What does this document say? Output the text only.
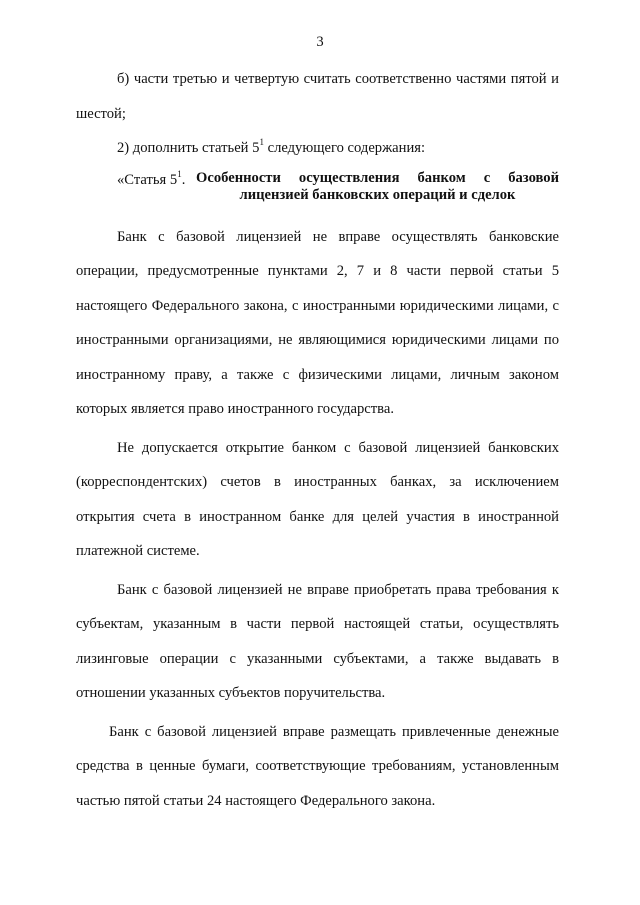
3

б) части третью и четвертую считать соответственно частями пятой и

шестой;

2) дополнить статьей $5^1$ следующего содержания:

«Статья $5^1$. Особенности осуществления банком с базовой лицензией банковских операций и сделок

Банк с базовой лицензией не вправе осуществлять банковские операции, предусмотренные пунктами 2, 7 и 8 части первой статьи 5 настоящего Федерального закона, с иностранными юридическими лицами, с иностранными организациями, не являющимися юридическими лицами по иностранному праву, а также с физическими лицами, личным законом которых является право иностранного государства.

Не допускается открытие банком с базовой лицензией банковских (корреспондентских) счетов в иностранных банках, за исключением открытия счета в иностранном банке для целей участия в иностранной платежной системе.

Банк с базовой лицензией не вправе приобретать права требования к субъектам, указанным в части первой настоящей статьи, осуществлять лизинговые операции с указанными субъектами, а также выдавать в отношении указанных субъектов поручительства.

Банк с базовой лицензией вправе размещать привлеченные денежные средства в ценные бумаги, соответствующие требованиям, установленным частью пятой статьи 24 настоящего Федерального закона.
